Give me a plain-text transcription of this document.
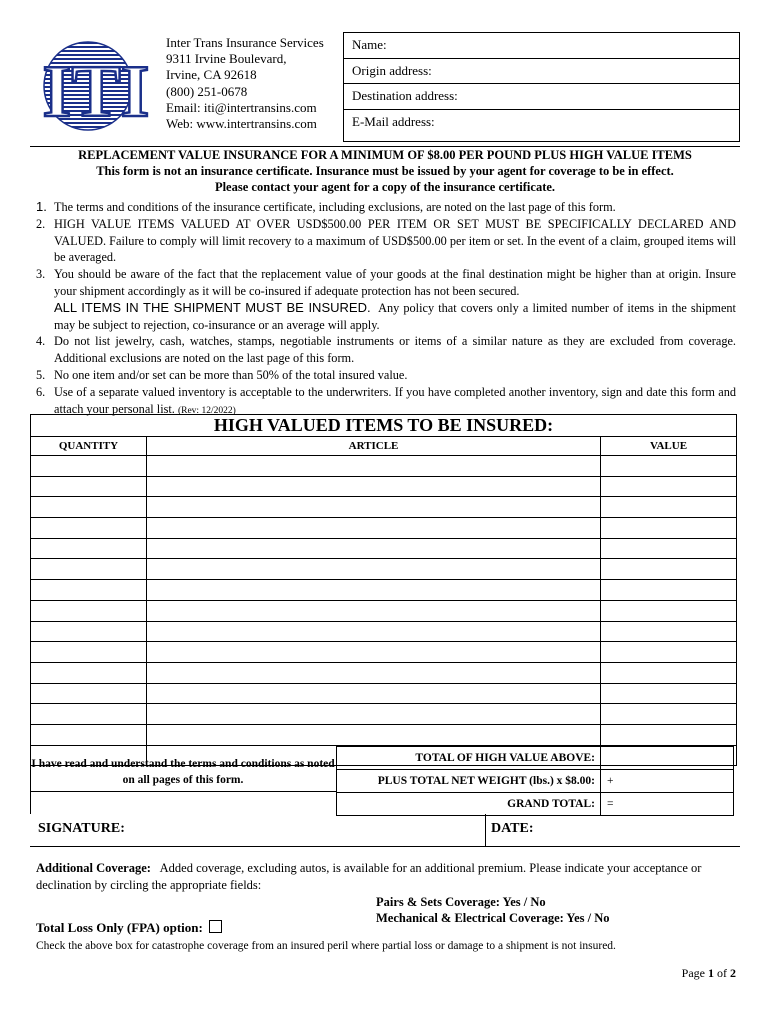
ITI
Inter Trans Insurance Services
9311 Irvine Boulevard,
Irvine, CA 92618
(800) 251-0678
Email: iti@intertransins.com
Web: www.intertransins.com
Name:
Origin address:
Destination address:
E-Mail address:
REPLACEMENT VALUE INSURANCE FOR A MINIMUM OF $8.00 PER POUND PLUS HIGH VALUE ITEMS
This form is not an insurance certificate. Insurance must be issued by your agent for coverage to be in effect.
Please contact your agent for a copy of the insurance certificate.
1. The terms and conditions of the insurance certificate, including exclusions, are noted on the last page of this form.
2. HIGH VALUE ITEMS VALUED AT OVER USD$500.00 PER ITEM OR SET MUST BE SPECIFICALLY DECLARED AND VALUED. Failure to comply will limit recovery to a maximum of USD$500.00 per item or set. In the event of a claim, grouped items will be averaged.
3. You should be aware of the fact that the replacement value of your goods at the final destination might be higher than at origin. Insure your shipment accordingly as it will be co-insured if adequate protection has not been secured.
ALL ITEMS IN THE SHIPMENT MUST BE INSURED. Any policy that covers only a limited number of items in the shipment may be subject to rejection, co-insurance or an average will apply.
4. Do not list jewelry, cash, watches, stamps, negotiable instruments or items of a similar nature as they are excluded from coverage. Additional exclusions are noted on the last page of this form.
5. No one item and/or set can be more than 50% of the total insured value.
6. Use of a separate valued inventory is acceptable to the underwriters. If you have completed another inventory, sign and date this form and attach your personal list. (Rev: 12/2022)
HIGH VALUED ITEMS TO BE INSURED:
QUANTITY	ARTICLE	VALUE
I have read and understand the terms and conditions as noted on all pages of this form.
TOTAL OF HIGH VALUE ABOVE:
PLUS TOTAL NET WEIGHT (lbs.) x $8.00:	+
GRAND TOTAL:	=
SIGNATURE:	DATE:
Additional Coverage: Added coverage, excluding autos, is available for an additional premium. Please indicate your acceptance or declination by circling the appropriate fields:
Pairs & Sets Coverage: Yes / No
Mechanical & Electrical Coverage: Yes / No
Total Loss Only (FPA) option:
Check the above box for catastrophe coverage from an insured peril where partial loss or damage to a shipment is not insured.
Page 1 of 2
